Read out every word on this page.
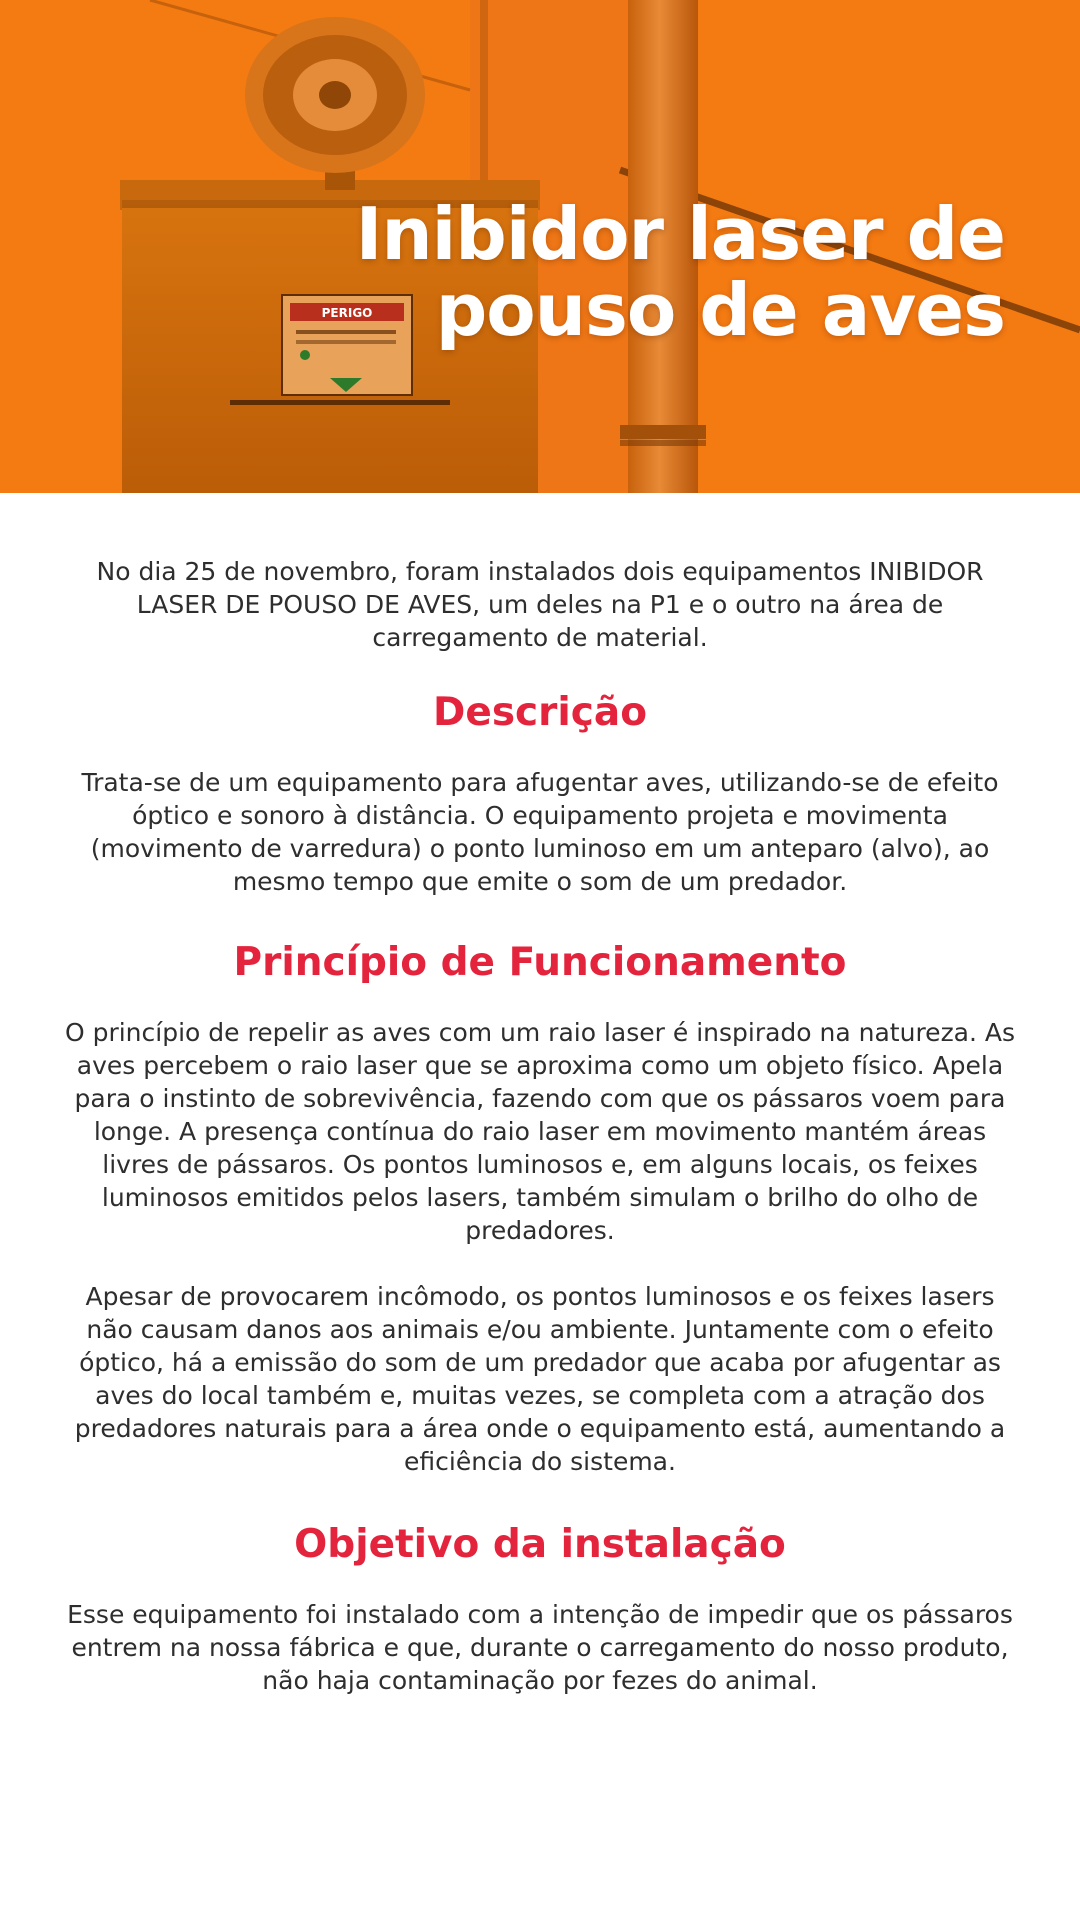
PERIGO
Inibidor laser de
pouso de aves

No dia 25 de novembro, foram instalados dois equipamentos INIBIDOR LASER DE POUSO DE AVES, um deles na P1 e o outro na área de carregamento de material.

Descrição

Trata-se de um equipamento para afugentar aves, utilizando-se de efeito óptico e sonoro à distância. O equipamento projeta e movimenta (movimento de varredura) o ponto luminoso em um anteparo (alvo), ao mesmo tempo que emite o som de um predador.

Princípio de Funcionamento

O princípio de repelir as aves com um raio laser é inspirado na natureza. As aves percebem o raio laser que se aproxima como um objeto físico. Apela para o instinto de sobrevivência, fazendo com que os pássaros voem para longe. A presença contínua do raio laser em movimento mantém áreas livres de pássaros. Os pontos luminosos e, em alguns locais, os feixes luminosos emitidos pelos lasers, também simulam o brilho do olho de predadores.

Apesar de provocarem incômodo, os pontos luminosos e os feixes lasers não causam danos aos animais e/ou ambiente. Juntamente com o efeito óptico, há a emissão do som de um predador que acaba por afugentar as aves do local também e, muitas vezes, se completa com a atração dos predadores naturais para a área onde o equipamento está, aumentando a eficiência do sistema.

Objetivo da instalação

Esse equipamento foi instalado com a intenção de impedir que os pássaros entrem na nossa fábrica e que, durante o carregamento do nosso produto, não haja contaminação por fezes do animal.
